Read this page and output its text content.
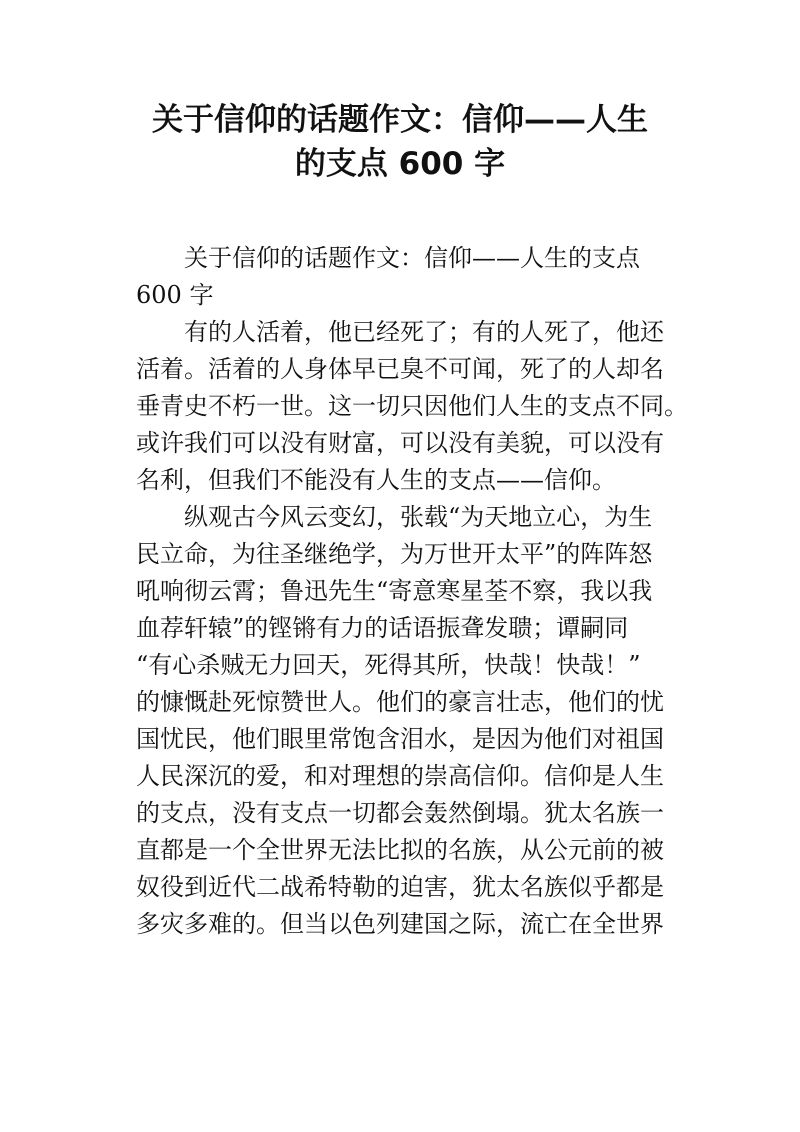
关于信仰的话题作文：信仰——人生
的支点 600 字

关于信仰的话题作文：信仰——人生的支点
600 字

有的人活着，他已经死了；有的人死了，他还
活着。活着的人身体早已臭不可闻，死了的人却名
垂青史不朽一世。这一切只因他们人生的支点不同。
或许我们可以没有财富，可以没有美貌，可以没有
名利，但我们不能没有人生的支点——信仰。

纵观古今风云变幻，张载“为天地立心，为生
民立命，为往圣继绝学，为万世开太平”的阵阵怒
吼响彻云霄；鲁迅先生“寄意寒星荃不察，我以我
血荐轩辕”的铿锵有力的话语振聋发聩；谭嗣同
“有心杀贼无力回天，死得其所，快哉！快哉！”
的慷慨赴死惊赞世人。他们的豪言壮志，他们的忧
国忧民，他们眼里常饱含泪水，是因为他们对祖国
人民深沉的爱，和对理想的崇高信仰。信仰是人生
的支点，没有支点一切都会轰然倒塌。犹太名族一
直都是一个全世界无法比拟的名族，从公元前的被
奴役到近代二战希特勒的迫害，犹太名族似乎都是
多灾多难的。但当以色列建国之际，流亡在全世界
